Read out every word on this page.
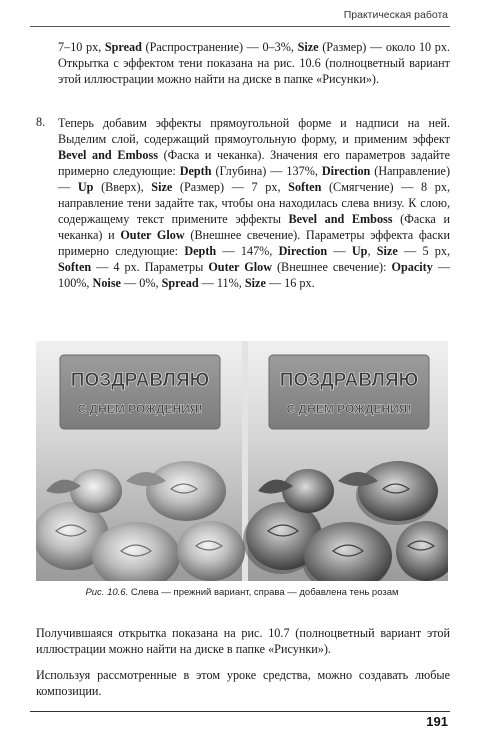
Практическая работа

7–10 px, Spread (Распространение) — 0–3%, Size (Размер) — около 10 px. Открытка с эффектом тени показана на рис. 10.6 (полноцветный вариант этой иллюстрации можно найти на диске в папке «Рисунки»).

8. Теперь добавим эффекты прямоугольной форме и надписи на ней. Выделим слой, содержащий прямоугольную форму, и применим эффект Bevel and Emboss (Фаска и чеканка). Значения его параметров задайте примерно следующие: Depth (Глубина) — 137%, Direction (Направление) — Up (Вверх), Size (Размер) — 7 px, Soften (Смягчение) — 8 px, направление тени задайте так, чтобы она находилась слева внизу. К слою, содержащему текст примените эффекты Bevel and Emboss (Фаска и чеканка) и Outer Glow (Внешнее свечение). Параметры эффекта фаски примерно следующие: Depth — 147%, Direction — Up, Size — 5 px, Soften — 4 px. Параметры Outer Glow (Внешнее свечение): Opacity — 100%, Noise — 0%, Spread — 11%, Size — 16 px.

ПОЗДРАВЛЯЮ
С ДНЕМ РОЖДЕНИЯ!
ПОЗДРАВЛЯЮ
С ДНЕМ РОЖДЕНИЯ!
Рис. 10.6. Слева — прежний вариант, справа — добавлена тень розам

Получившаяся открытка показана на рис. 10.7 (полноцветный вариант этой иллюстрации можно найти на диске в папке «Рисунки»).

Используя рассмотренные в этом уроке средства, можно создавать любые композиции.

191
